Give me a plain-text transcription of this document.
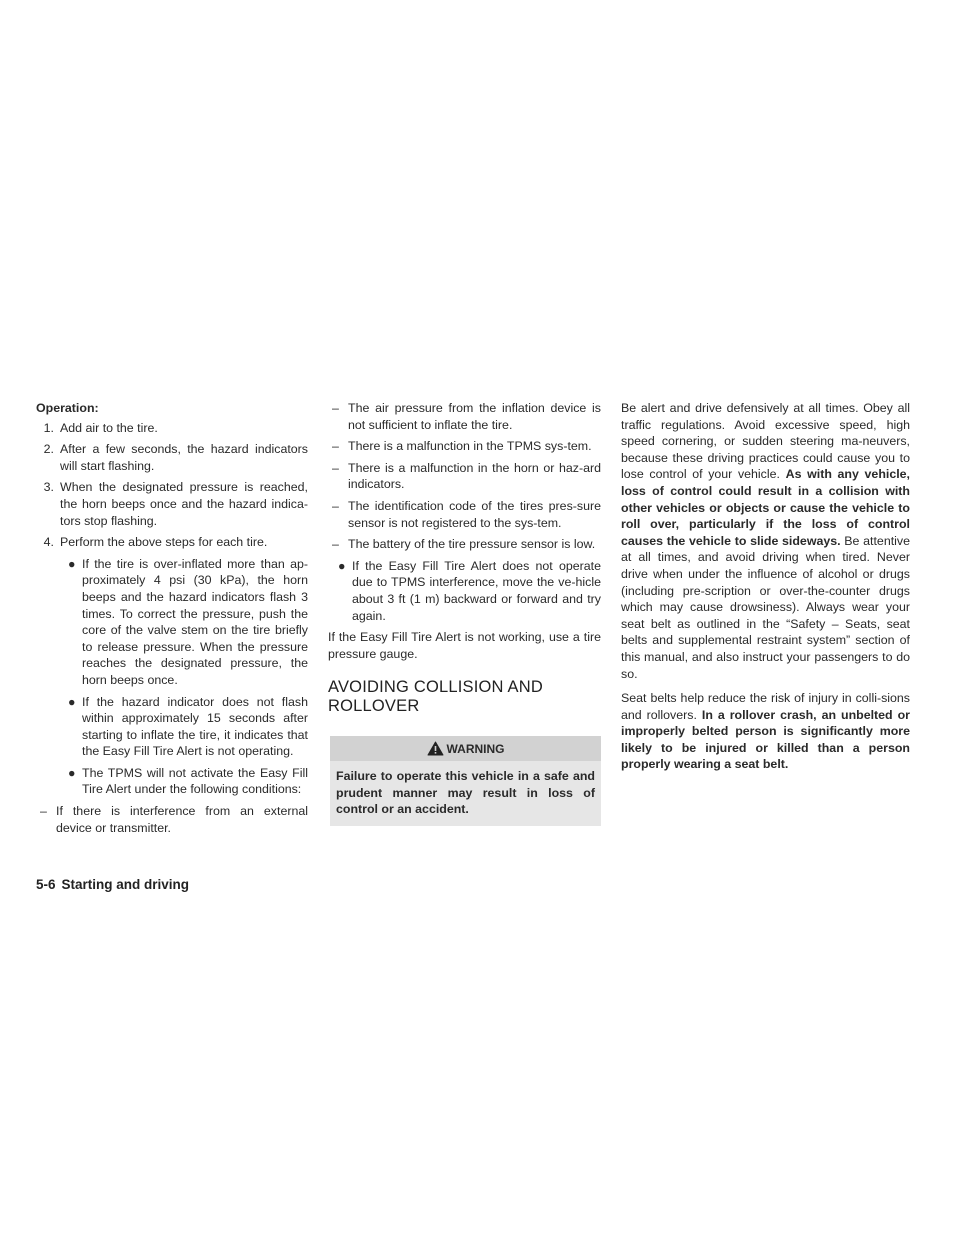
Operation:

1. Add air to the tire.
2. After a few seconds, the hazard indicators will start flashing.
3. When the designated pressure is reached, the horn beeps once and the hazard indica-tors stop flashing.
4. Perform the above steps for each tire.
● If the tire is over-inflated more than ap-proximately 4 psi (30 kPa), the horn beeps and the hazard indicators flash 3 times. To correct the pressure, push the core of the valve stem on the tire briefly to release pressure. When the pressure reaches the designated pressure, the horn beeps once.
● If the hazard indicator does not flash within approximately 15 seconds after starting to inflate the tire, it indicates that the Easy Fill Tire Alert is not operating.
● The TPMS will not activate the Easy Fill Tire Alert under the following conditions:
– If there is interference from an external device or transmitter.
– The air pressure from the inflation device is not sufficient to inflate the tire.
– There is a malfunction in the TPMS sys-tem.
– There is a malfunction in the horn or haz-ard indicators.
– The identification code of the tires pres-sure sensor is not registered to the sys-tem.
– The battery of the tire pressure sensor is low.
● If the Easy Fill Tire Alert does not operate due to TPMS interference, move the ve-hicle about 3 ft (1 m) backward or forward and try again.

If the Easy Fill Tire Alert is not working, use a tire pressure gauge.

AVOIDING COLLISION AND
ROLLOVER
WARNING
Failure to operate this vehicle in a safe and prudent manner may result in loss of control or an accident.

Be alert and drive defensively at all times. Obey all traffic regulations. Avoid excessive speed, high speed cornering, or sudden steering ma-neuvers, because these driving practices could cause you to lose control of your vehicle. As with any vehicle, loss of control could result in a collision with other vehicles or objects or cause the vehicle to roll over, particularly if the loss of control causes the vehicle to slide sideways. Be attentive at all times, and avoid driving when tired. Never drive when under the influence of alcohol or drugs (including pre-scription or over-the-counter drugs which may cause drowsiness). Always wear your seat belt as outlined in the “Safety – Seats, seat belts and supplemental restraint system” section of this manual, and also instruct your passengers to do so.

Seat belts help reduce the risk of injury in colli-sions and rollovers. In a rollover crash, an unbelted or improperly belted person is significantly more likely to be injured or killed than a person properly wearing a seat belt.

5-6 Starting and driving
